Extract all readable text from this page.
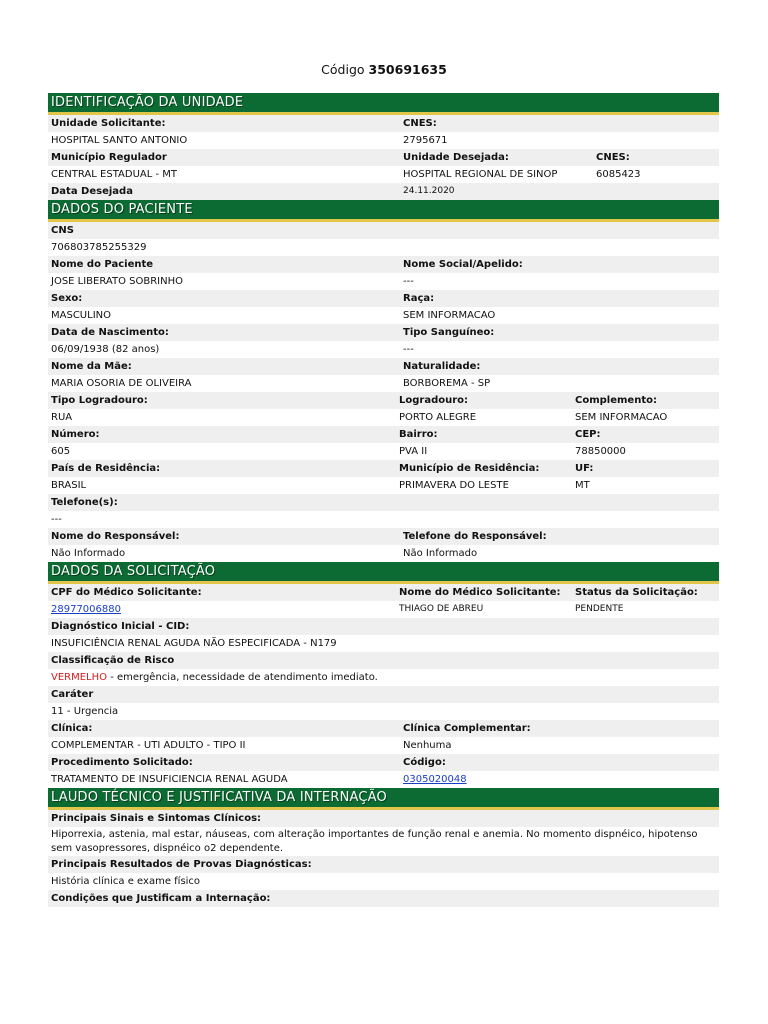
Código 350691635
IDENTIFICAÇÃO DA UNIDADE
Unidade Solicitante:	CNES:
HOSPITAL SANTO ANTONIO	2795671
Município Regulador	Unidade Desejada:	CNES:
CENTRAL ESTADUAL - MT	HOSPITAL REGIONAL DE SINOP	6085423
Data Desejada	24.11.2020
DADOS DO PACIENTE
CNS
706803785255329
Nome do Paciente	Nome Social/Apelido:
JOSE LIBERATO SOBRINHO	---
Sexo:	Raça:
MASCULINO	SEM INFORMACAO
Data de Nascimento:	Tipo Sanguíneo:
06/09/1938 (82 anos)	---
Nome da Mãe:	Naturalidade:
MARIA OSORIA DE OLIVEIRA	BORBOREMA - SP
Tipo Logradouro:	Logradouro:	Complemento:
RUA	PORTO ALEGRE	SEM INFORMACAO
Número:	Bairro:	CEP:
605	PVA II	78850000
País de Residência:	Município de Residência:	UF:
BRASIL	PRIMAVERA DO LESTE	MT
Telefone(s):
---
Nome do Responsável:	Telefone do Responsável:
Não Informado	Não Informado
DADOS DA SOLICITAÇÃO
CPF do Médico Solicitante:	Nome do Médico Solicitante:	Status da Solicitação:
28977006880	THIAGO DE ABREU	PENDENTE
Diagnóstico Inicial - CID:
INSUFICIÊNCIA RENAL AGUDA NÃO ESPECIFICADA - N179
Classificação de Risco
VERMELHO - emergência, necessidade de atendimento imediato.
Caráter
11 - Urgencia
Clínica:	Clínica Complementar:
COMPLEMENTAR - UTI ADULTO - TIPO II	Nenhuma
Procedimento Solicitado:	Código:
TRATAMENTO DE INSUFICIENCIA RENAL AGUDA	0305020048
LAUDO TÉCNICO E JUSTIFICATIVA DA INTERNAÇÃO
Principais Sinais e Sintomas Clínicos:
Hiporrexia, astenia, mal estar, náuseas, com alteração importantes de função renal e anemia. No momento dispnéico, hipotenso sem vasopressores, dispnéico o2 dependente.
Principais Resultados de Provas Diagnósticas:
História clínica e exame físico
Condições que Justificam a Internação:
